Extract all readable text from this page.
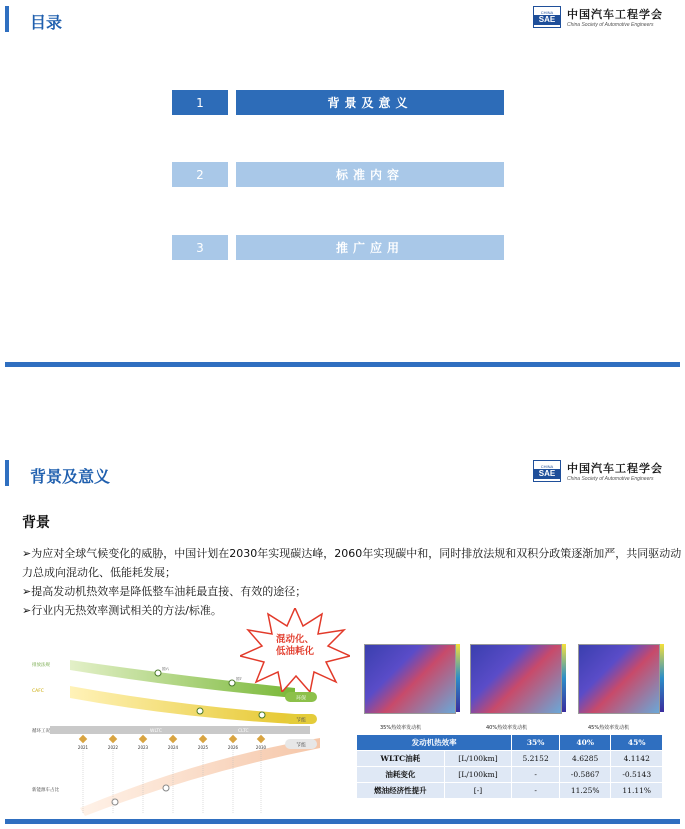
目录
CHINA
SAE	中国汽车工程学会
China Society of Automotive Engineers
1	背景及意义
2	标准内容
3	推广应用
背景及意义
CHINA
SAE	中国汽车工程学会
China Society of Automotive Engineers
背景
➢为应对全球气候变化的威胁，中国计划在2030年实现碳达峰，2060年实现碳中和，同时排放法规和双积分政策逐渐加严，共同驱动动力总成向混动化、低能耗发展；
➢提高发动机热效率是降低整车油耗最直接、有效的途径；
➢行业内无热效率测试相关的方法/标准。
环保
节能
节能
排放法规
CAFC
循环工况
新能源车占比
WLTC	CLTC
国六
国7
2021	2022	2023	2024	2025	2026	2030
混动化、
低油耗化
35%热效率发动机	40%热效率发动机	45%热效率发动机
发动机热效率		35%	40%	45%
WLTC油耗	[L/100km]	5.2152	4.6285	4.1142
油耗变化	[L/100km]	-	-0.5867	-0.5143
燃油经济性提升	[-]	-	11.25%	11.11%
